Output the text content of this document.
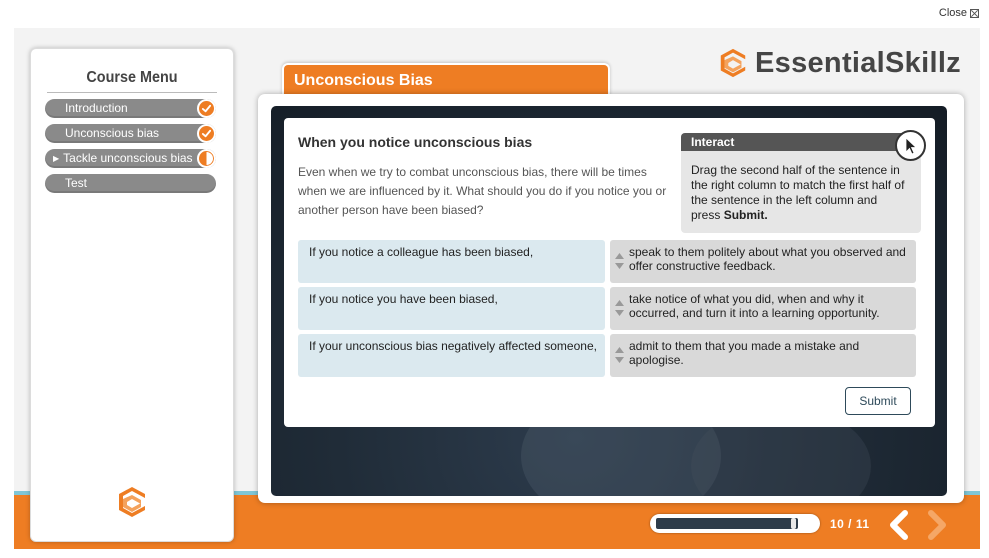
Close
Course Menu
Introduction
Unconscious bias
▶ Tackle unconscious bias
Test
EssentialSkillz
Unconscious Bias
When you notice unconscious bias
Even when we try to combat unconscious bias, there will be times when we are influenced by it. What should you do if you notice you or another person have been biased?
Interact
Drag the second half of the sentence in the right column to match the first half of the sentence in the left column and press Submit.
If you notice a colleague has been biased,	speak to them politely about what you observed and offer constructive feedback.
If you notice you have been biased,	take notice of what you did, when and why it occurred, and turn it into a learning opportunity.
If your unconscious bias negatively affected someone,	admit to them that you made a mistake and apologise.
Submit
10 / 11
